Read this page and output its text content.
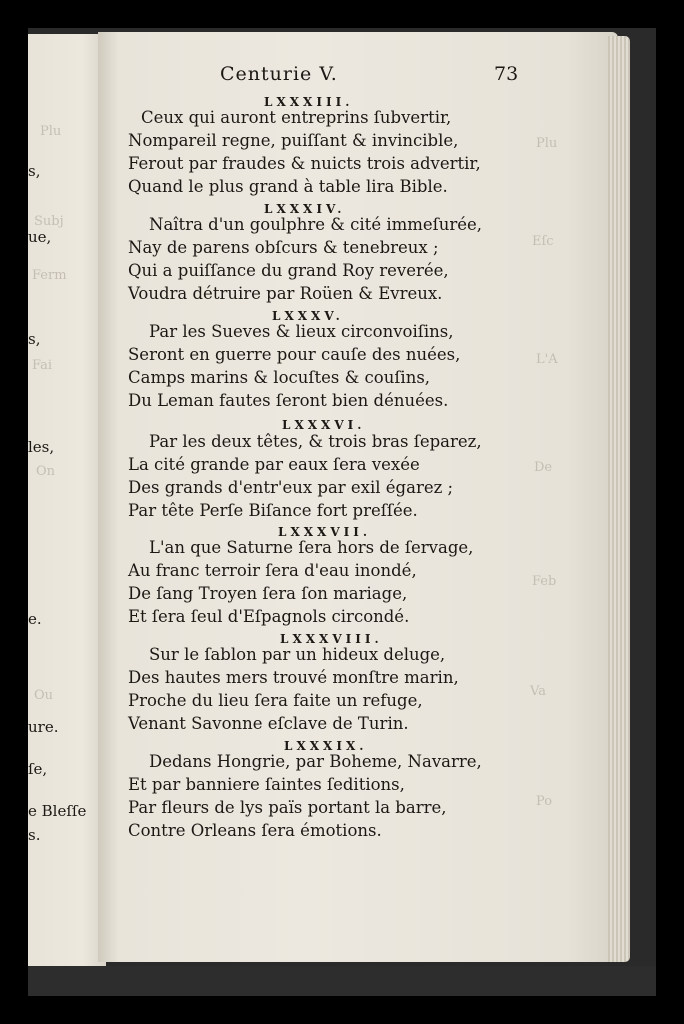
Plu
Subj
Ferm
Fai
On
Ou
Plu
Eſc
L'A
De
Feb
Va
Po
s,
ue,
s,
les,
e.
ure.
ſe,
e Bleſſe
s.
Centurie V.	73
LXXXIII.
Ceux qui auront entreprins ſubvertir,
Nompareil regne, puiſſant & invincible,
Ferout par fraudes & nuicts trois advertir,
Quand le plus grand à table lira Bible.
LXXXIV.
Naîtra d'un goulphre & cité immeſurée,
Nay de parens obſcurs & tenebreux ;
Qui a puiſſance du grand Roy reverée,
Voudra détruire par Roüen & Evreux.
LXXXV.
Par les Sueves & lieux circonvoiſins,
Seront en guerre pour cauſe des nuées,
Camps marins & locuſtes & couſins,
Du Leman fautes ſeront bien dénuées.
LXXXVI.
Par les deux têtes, & trois bras ſeparez,
La cité grande par eaux ſera vexée
Des grands d'entr'eux par exil égarez ;
Par tête Perſe Biſance fort preſſée.
LXXXVII.
L'an que Saturne ſera hors de ſervage,
Au franc terroir ſera d'eau inondé,
De ſang Troyen ſera ſon mariage,
Et ſera ſeul d'Eſpagnols circondé.
LXXXVIII.
Sur le ſablon par un hideux deluge,
Des hautes mers trouvé monſtre marin,
Proche du lieu ſera faite un refuge,
Venant Savonne eſclave de Turin.
LXXXIX.
Dedans Hongrie, par Boheme, Navarre,
Et par banniere ſaintes ſeditions,
Par fleurs de lys païs portant la barre,
Contre Orleans ſera émotions.
